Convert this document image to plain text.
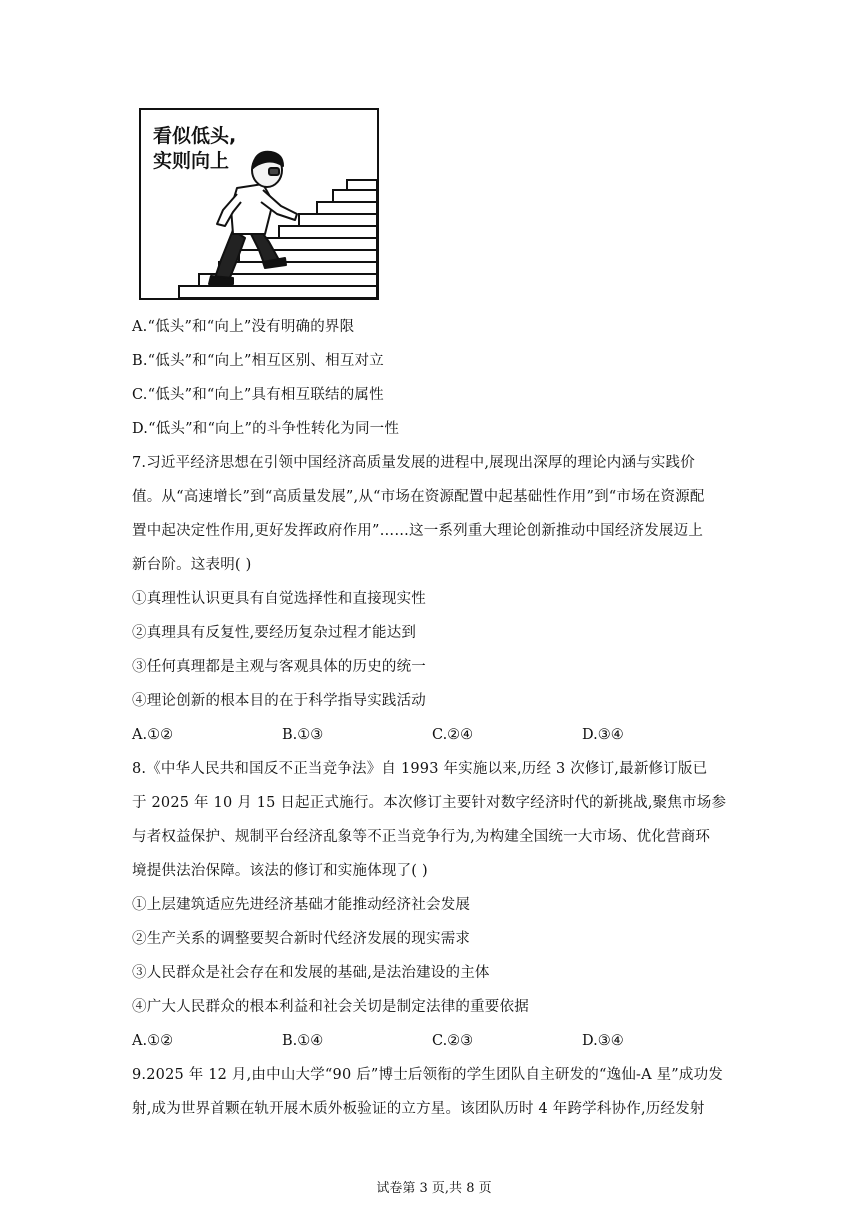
看似低头,
实则向上
A.“低头”和“向上”没有明确的界限
B.“低头”和“向上”相互区别、相互对立
C.“低头”和“向上”具有相互联结的属性
D.“低头”和“向上”的斗争性转化为同一性
7.习近平经济思想在引领中国经济高质量发展的进程中,展现出深厚的理论内涵与实践价
值。从“高速增长”到“高质量发展”,从“市场在资源配置中起基础性作用”到“市场在资源配
置中起决定性作用,更好发挥政府作用”……这一系列重大理论创新推动中国经济发展迈上
新台阶。这表明( )
①真理性认识更具有自觉选择性和直接现实性
②真理具有反复性,要经历复杂过程才能达到
③任何真理都是主观与客观具体的历史的统一
④理论创新的根本目的在于科学指导实践活动
A.①②	B.①③	C.②④	D.③④
8.《中华人民共和国反不正当竞争法》自 1993 年实施以来,历经 3 次修订,最新修订版已
于 2025 年 10 月 15 日起正式施行。本次修订主要针对数字经济时代的新挑战,聚焦市场参
与者权益保护、规制平台经济乱象等不正当竞争行为,为构建全国统一大市场、优化营商环
境提供法治保障。该法的修订和实施体现了( )
①上层建筑适应先进经济基础才能推动经济社会发展
②生产关系的调整要契合新时代经济发展的现实需求
③人民群众是社会存在和发展的基础,是法治建设的主体
④广大人民群众的根本利益和社会关切是制定法律的重要依据
A.①②	B.①④	C.②③	D.③④
9.2025 年 12 月,由中山大学“90 后”博士后领衔的学生团队自主研发的“逸仙-A 星”成功发
射,成为世界首颗在轨开展木质外板验证的立方星。该团队历时 4 年跨学科协作,历经发射
试卷第 3 页,共 8 页
